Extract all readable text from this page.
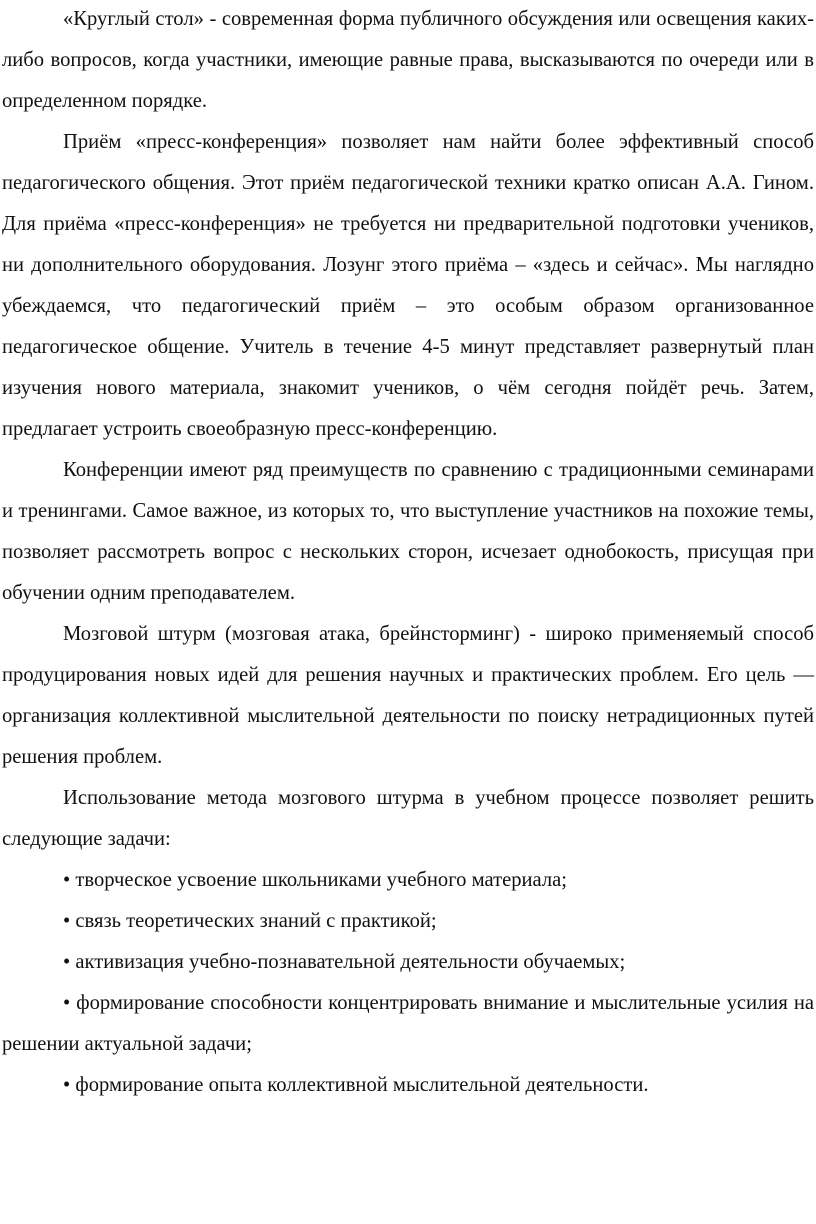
«Круглый стол» - современная форма публичного обсуждения или освещения каких-либо вопросов, когда участники, имеющие равные права, высказываются по очереди или в определенном порядке.

Приём «пресс-конференция» позволяет нам найти более эффективный способ педагогического общения. Этот приём педагогической техники кратко описан А.А. Гином. Для приёма «пресс-конференция» не требуется ни предварительной подготовки учеников, ни дополнительного оборудования. Лозунг этого приёма – «здесь и сейчас». Мы наглядно убеждаемся, что педагогический приём – это особым образом организованное педагогическое общение. Учитель в течение 4-5 минут представляет развернутый план изучения нового материала, знакомит учеников, о чём сегодня пойдёт речь. Затем, предлагает устроить своеобразную пресс-конференцию.

Конференции имеют ряд преимуществ по сравнению с традиционными семинарами и тренингами. Самое важное, из которых то, что выступление участников на похожие темы, позволяет рассмотреть вопрос с нескольких сторон, исчезает однобокость, присущая при обучении одним преподавателем.

Мозговой штурм (мозговая атака, брейнсторминг) - широко применяемый способ продуцирования новых идей для решения научных и практических проблем. Его цель — организация коллективной мыслительной деятельности по поиску нетрадиционных путей решения проблем.

Использование метода мозгового штурма в учебном процессе позволяет решить следующие задачи:

• творческое усвоение школьниками учебного материала;

• связь теоретических знаний с практикой;

• активизация учебно-познавательной деятельности обучаемых;

• формирование способности концентрировать внимание и мыслительные усилия на решении актуальной задачи;

• формирование опыта коллективной мыслительной деятельности.
